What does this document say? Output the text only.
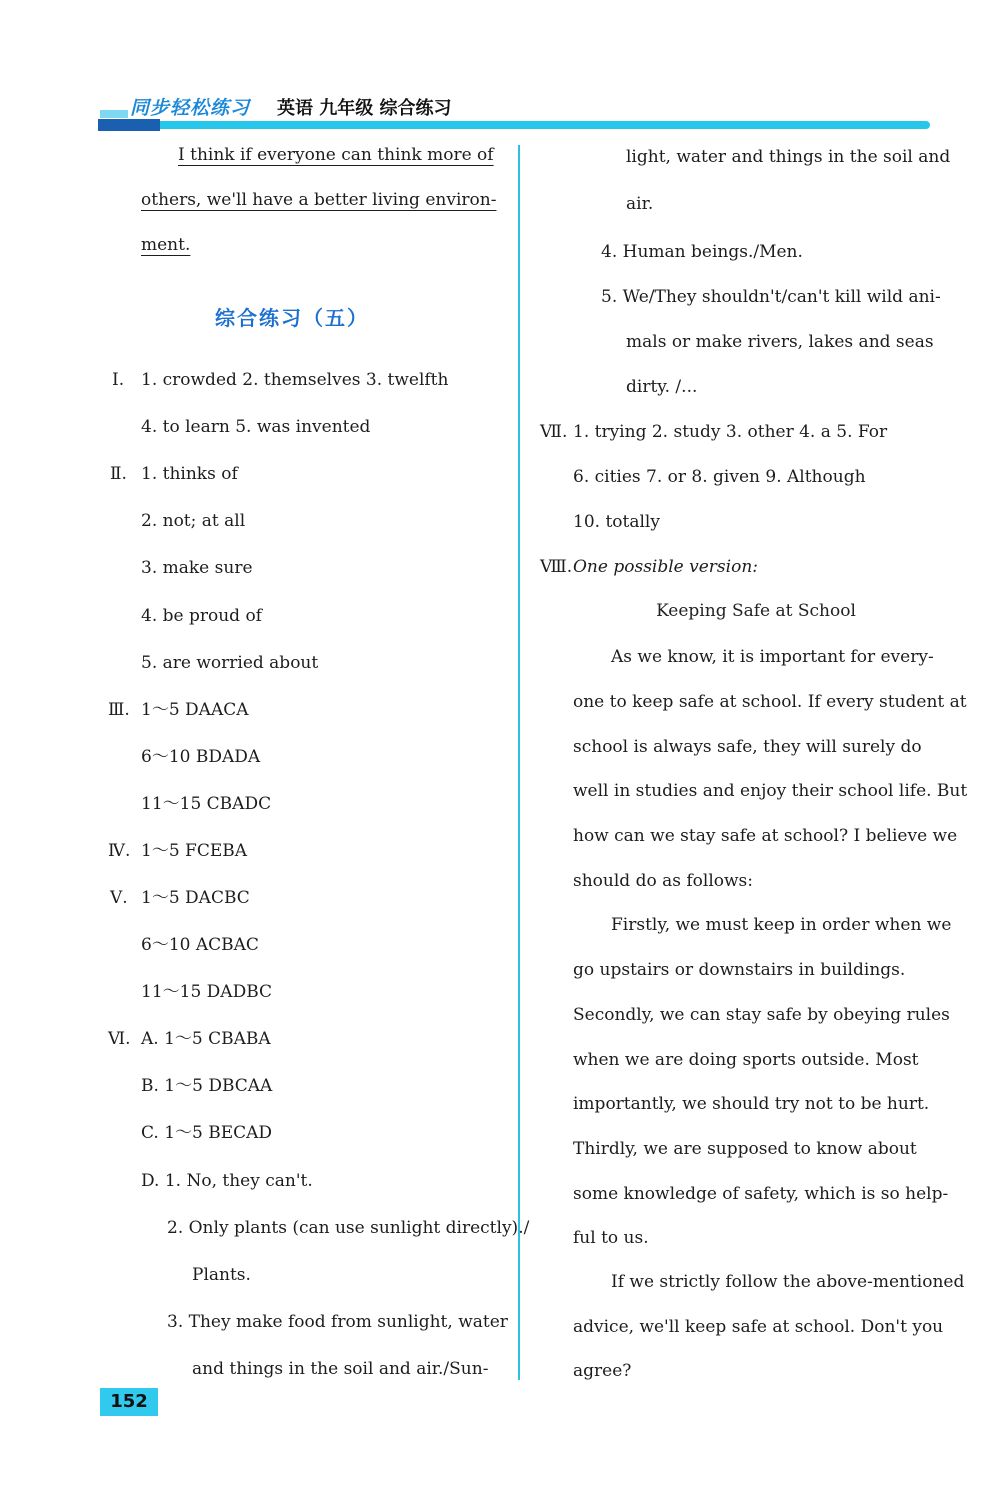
同步轻松练习 英语 九年级 综合练习
I think if everyone can think more of
others, we'll have a better living environ-
ment.
综合练习（五）
Ⅰ. 1. crowded 2. themselves 3. twelfth
4. to learn 5. was invented
Ⅱ. 1. thinks of
2. not; at all
3. make sure
4. be proud of
5. are worried about
Ⅲ. 1～5 DAACA
6～10 BDADA
11～15 CBADC
Ⅳ. 1～5 FCEBA
Ⅴ. 1～5 DACBC
6～10 ACBAC
11～15 DADBC
Ⅵ. A. 1～5 CBABA
B. 1～5 DBCAA
C. 1～5 BECAD
D. 1. No, they can't.
2. Only plants (can use sunlight directly)./
Plants.
3. They make food from sunlight, water
and things in the soil and air./Sun-
light, water and things in the soil and
air.
4. Human beings./Men.
5. We/They shouldn't/can't kill wild ani-
mals or make rivers, lakes and seas
dirty. /...
Ⅶ. 1. trying 2. study 3. other 4. a 5. For
6. cities 7. or 8. given 9. Although
10. totally
Ⅷ. One possible version:
Keeping Safe at School
As we know, it is important for every-
one to keep safe at school. If every student at
school is always safe, they will surely do
well in studies and enjoy their school life. But
how can we stay safe at school? I believe we
should do as follows:
Firstly, we must keep in order when we
go upstairs or downstairs in buildings.
Secondly, we can stay safe by obeying rules
when we are doing sports outside. Most
importantly, we should try not to be hurt.
Thirdly, we are supposed to know about
some knowledge of safety, which is so help-
ful to us.
If we strictly follow the above-mentioned
advice, we'll keep safe at school. Don't you
agree?
152
